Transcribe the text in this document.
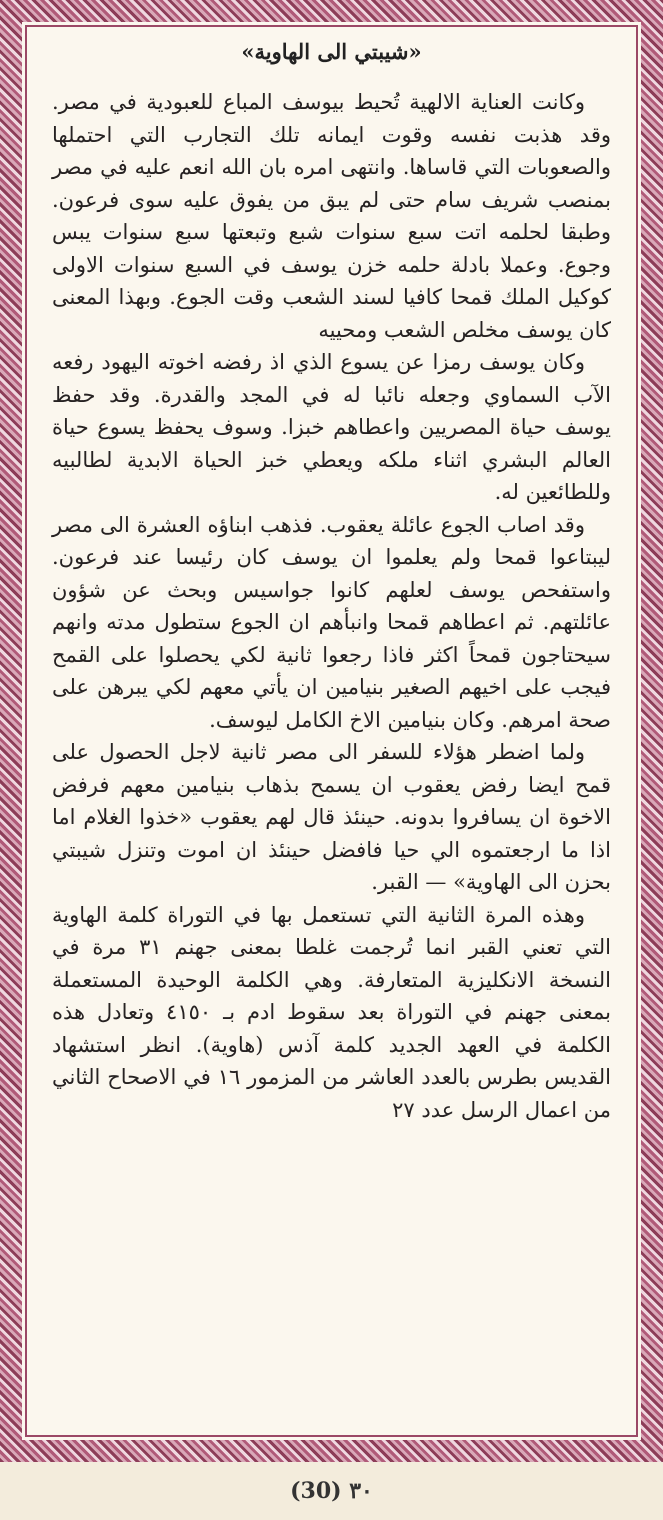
«شيبتي الى الهاوية»

وكانت العناية الالهية تُحيط بيوسف المباع للعبودية في مصر. وقد هذبت نفسه وقوت ايمانه تلك التجارب التي احتملها والصعوبات التي قاساها. وانتهى امره بان الله انعم عليه في مصر بمنصب شريف سام حتى لم يبق من يفوق عليه سوى فرعون. وطبقا لحلمه اتت سبع سنوات شبع وتبعتها سبع سنوات يبس وجوع. وعملا بادلة حلمه خزن يوسف في السبع سنوات الاولى كوكيل الملك قمحا كافيا لسند الشعب وقت الجوع. وبهذا المعنى كان يوسف مخلص الشعب ومحييه

وكان يوسف رمزا عن يسوع الذي اذ رفضه اخوته اليهود رفعه الآب السماوي وجعله نائبا له في المجد والقدرة. وقد حفظ يوسف حياة المصريين واعطاهم خبزا. وسوف يحفظ يسوع حياة العالم البشري اثناء ملكه ويعطي خبز الحياة الابدية لطالبيه وللطائعين له.

وقد اصاب الجوع عائلة يعقوب. فذهب ابناؤه العشرة الى مصر ليبتاعوا قمحا ولم يعلموا ان يوسف كان رئيسا عند فرعون. واستفحص يوسف لعلهم كانوا جواسيس وبحث عن شؤون عائلتهم. ثم اعطاهم قمحا وانبأهم ان الجوع ستطول مدته وانهم سيحتاجون قمحاً اكثر فاذا رجعوا ثانية لكي يحصلوا على القمح فيجب على اخيهم الصغير بنيامين ان يأتي معهم لكي يبرهن على صحة امرهم. وكان بنيامين الاخ الكامل ليوسف.

ولما اضطر هؤلاء للسفر الى مصر ثانية لاجل الحصول على قمح ايضا رفض يعقوب ان يسمح بذهاب بنيامين معهم فرفض الاخوة ان يسافروا بدونه. حينئذ قال لهم يعقوب «خذوا الغلام اما اذا ما ارجعتموه الي حيا فافضل حينئذ ان اموت وتنزل شيبتي بحزن الى الهاوية» — القبر.

وهذه المرة الثانية التي تستعمل بها في التوراة كلمة الهاوية التي تعني القبر انما تُرجمت غلطا بمعنى جهنم ٣١ مرة في النسخة الانكليزية المتعارفة. وهي الكلمة الوحيدة المستعملة بمعنى جهنم في التوراة بعد سقوط ادم بـ ٤١٥٠ وتعادل هذه الكلمة في العهد الجديد كلمة آذس (هاوية). انظر استشهاد القديس بطرس بالعدد العاشر من المزمور ١٦ في الاصحاح الثاني من اعمال الرسل عدد ٢٧

(30) ٣٠
